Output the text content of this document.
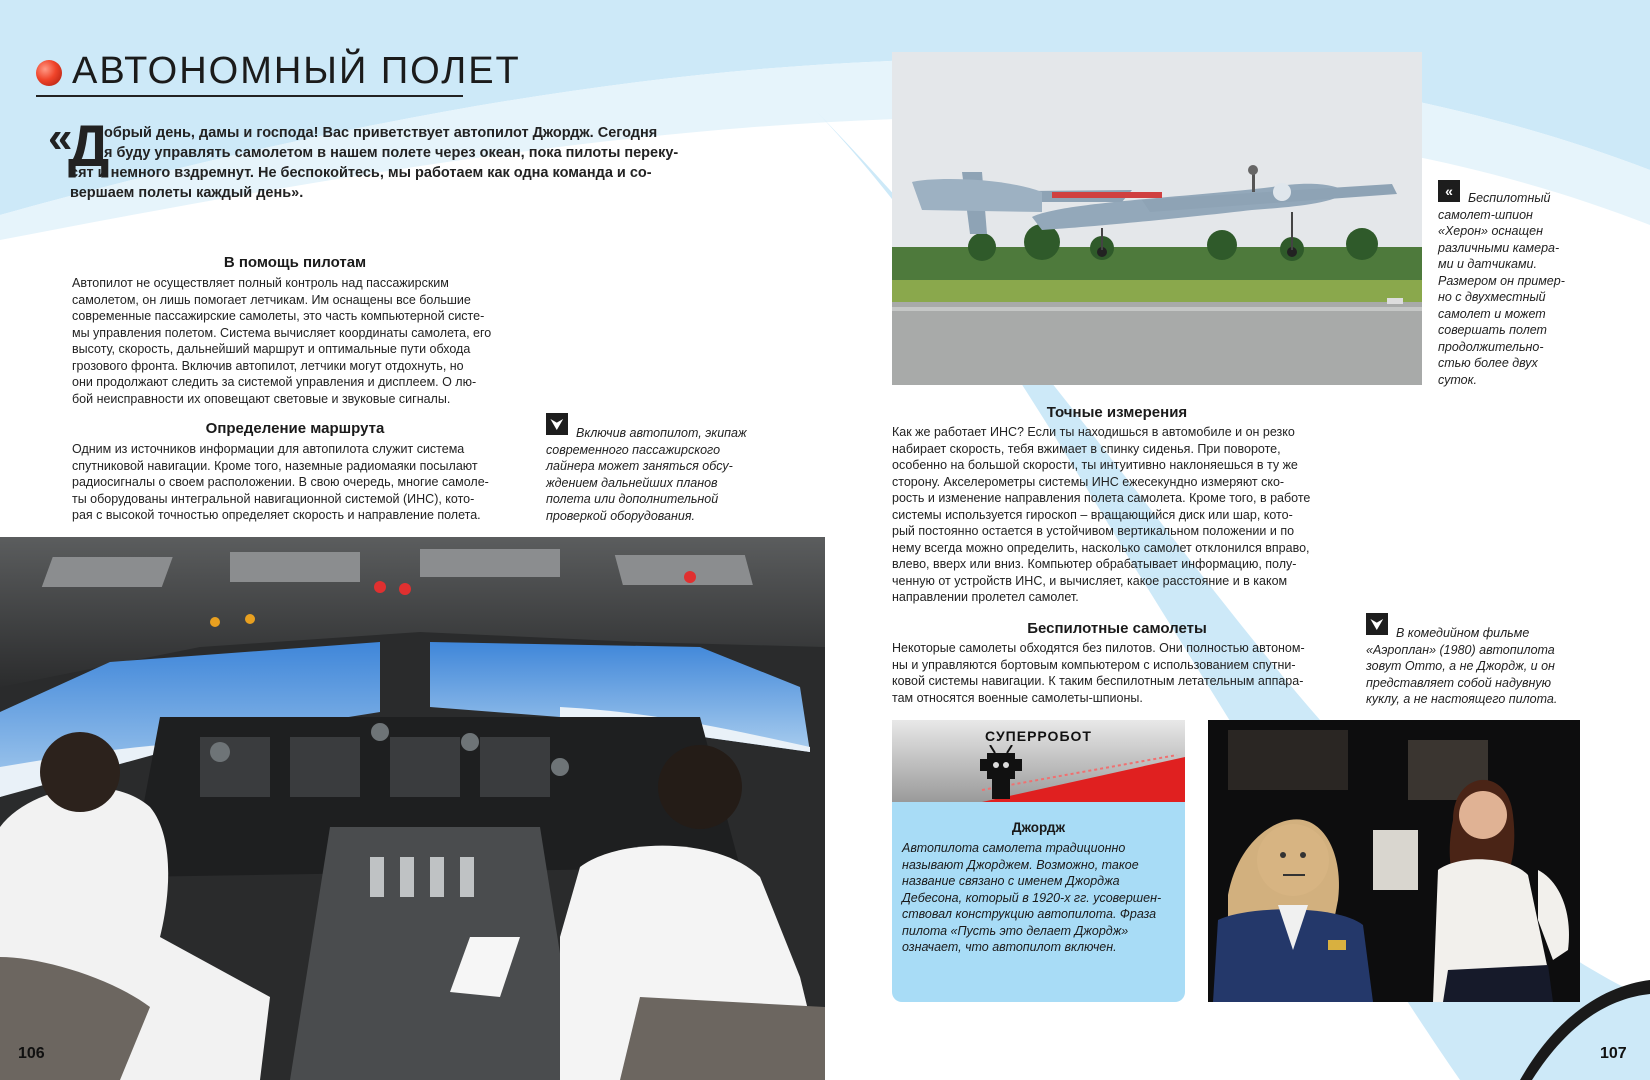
АВТОНОМНЫЙ ПОЛЕТ
«
Д
обрый день, дамы и господа! Вас приветствует автопилот Джордж. Сегодня
я буду управлять самолетом в нашем полете через океан, пока пилоты переку-
сят и немного вздремнут. Не беспокойтесь, мы работаем как одна команда и со-
вершаем полеты каждый день».
В помощь пилотам
Автопилот не осуществляет полный контроль над пассажирским
самолетом, он лишь помогает летчикам. Им оснащены все большие
современные пассажирские самолеты, это часть компьютерной систе-
мы управления полетом. Система вычисляет координаты самолета, его
высоту, скорость, дальнейший маршрут и оптимальные пути обхода
грозового фронта. Включив автопилот, летчики могут отдохнуть, но
они продолжают следить за системой управления и дисплеем. О лю-
бой неисправности их оповещают световые и звуковые сигналы.
Определение маршрута
Одним из источников информации для автопилота служит система
спутниковой навигации. Кроме того, наземные радиомаяки посылают
радиосигналы о своем расположении. В свою очередь, многие самоле-
ты оборудованы интегральной навигационной системой (ИНС), кото-
рая с высокой точностью определяет скорость и направление полета.
⮟
Включив автопилот, экипаж
современного пассажирского
лайнера может заняться обсу-
ждением дальнейших планов
полета или дополнительной
проверкой оборудования.
«	Беспилотный
самолет-шпион
«Херон» оснащен
различными камера-
ми и датчиками.
Размером он пример-
но с двухместный
самолет и может
совершать полет
продолжительно-
стью более двух
суток.
Точные измерения
Как же работает ИНС? Если ты находишься в автомобиле и он резко
набирает скорость, тебя вжимает в спинку сиденья. При повороте,
особенно на большой скорости, ты интуитивно наклоняешься в ту же
сторону. Акселерометры системы ИНС ежесекундно измеряют ско-
рость и изменение направления полета самолета. Кроме того, в работе
системы используется гироскоп – вращающийся диск или шар, кото-
рый постоянно остается в устойчивом вертикальном положении и по
нему всегда можно определить, насколько самолет отклонился вправо,
влево, вверх или вниз. Компьютер обрабатывает информацию, полу-
ченную от устройств ИНС, и вычисляет, какое расстояние и в каком
направлении пролетел самолет.
Беспилотные самолеты
Некоторые самолеты обходятся без пилотов. Они полностью автоном-
ны и управляются бортовым компьютером с использованием спутни-
ковой системы навигации. К таким беспилотным летательным аппара-
там относятся военные самолеты-шпионы.
⮟
В комедийном фильме
«Аэроплан» (1980) автопилота
зовут Отто, а не Джордж, и он
представляет собой надувную
куклу, а не настоящего пилота.
СУПЕРРОБОТ
Джордж
Автопилота самолета традиционно
называют Джорджем. Возможно, такое
название связано с именем Джорджа
Дебесона, который в 1920-х гг. усовершен-
ствовал конструкцию автопилота. Фраза
пилота «Пусть это делает Джордж»
означает, что автопилот включен.
106	107
